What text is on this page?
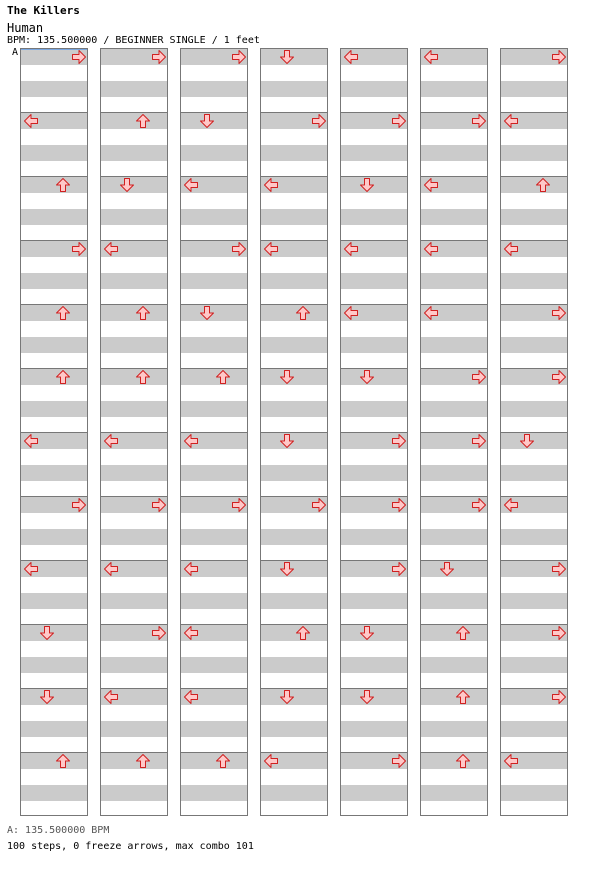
The Killers
Human
BPM: 135.500000 / BEGINNER SINGLE / 1 feet
A
A: 135.500000 BPM
100 steps, 0 freeze arrows, max combo 101
